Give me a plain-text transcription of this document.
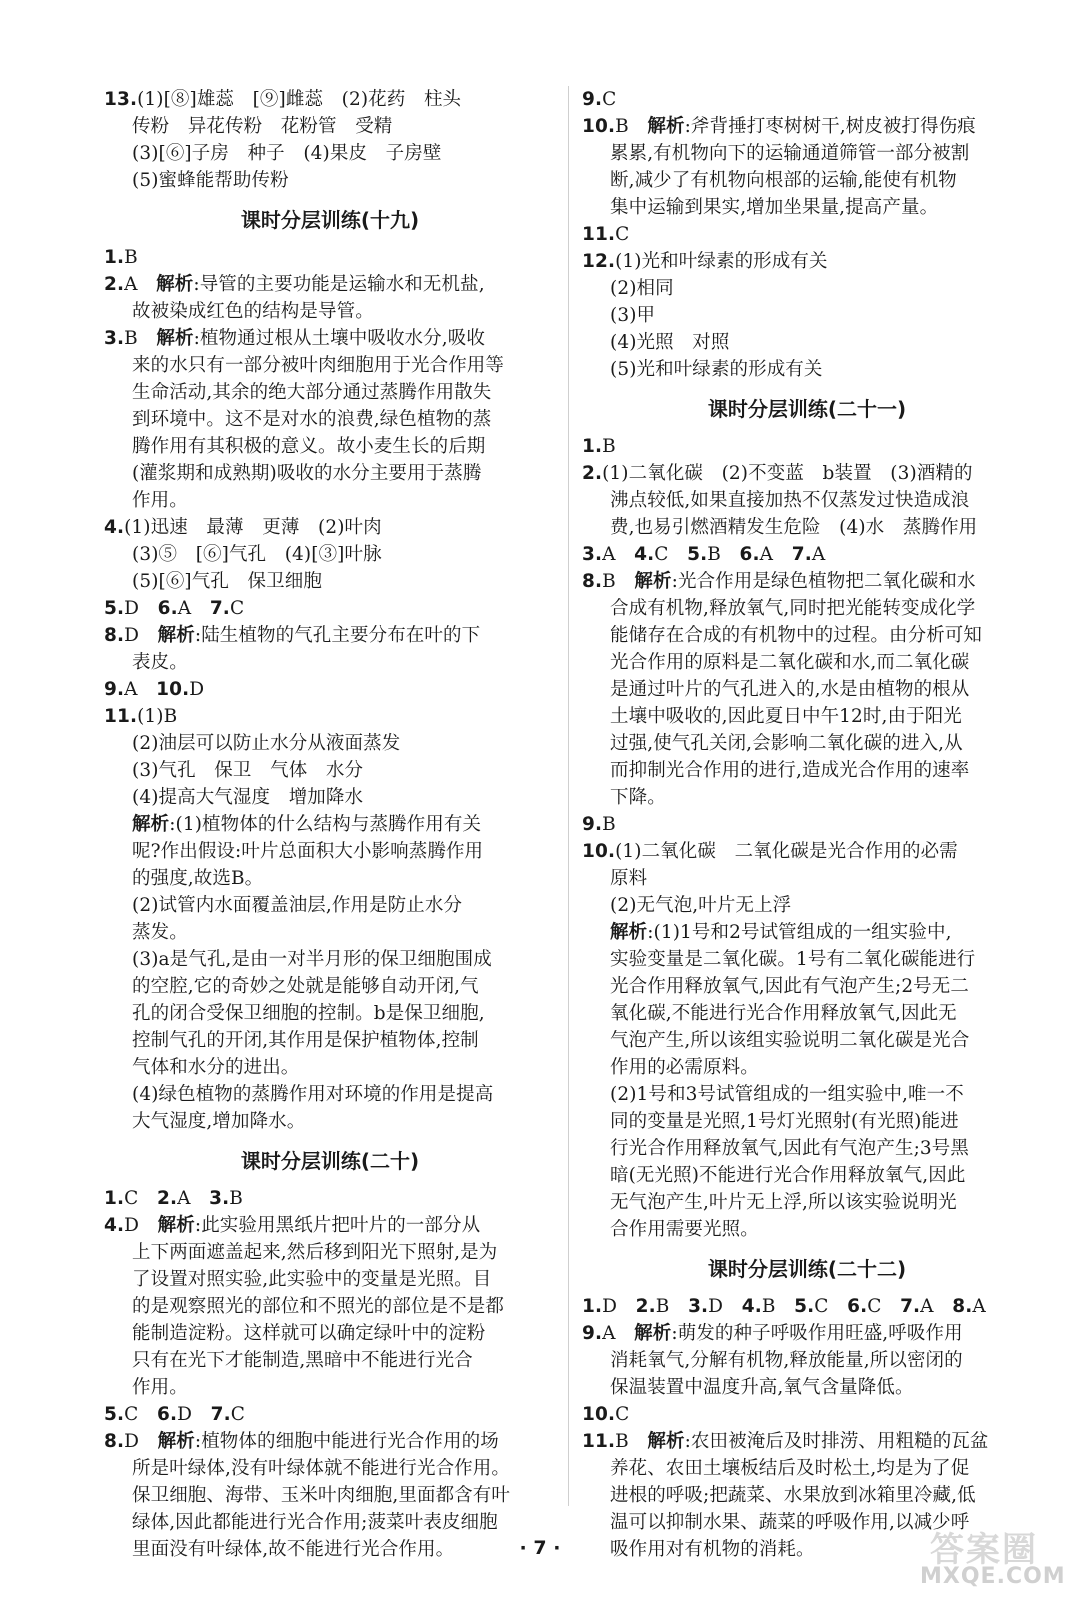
13.(1)[⑧]雄蕊　[⑨]雌蕊　(2)花药　柱头
传粉　异花传粉　花粉管　受精
(3)[⑥]子房　种子　(4)果皮　子房壁
(5)蜜蜂能帮助传粉
课时分层训练(十九)
1.B
2.A　解析:导管的主要功能是运输水和无机盐,
故被染成红色的结构是导管。
3.B　解析:植物通过根从土壤中吸收水分,吸收
来的水只有一部分被叶肉细胞用于光合作用等
生命活动,其余的绝大部分通过蒸腾作用散失
到环境中。这不是对水的浪费,绿色植物的蒸
腾作用有其积极的意义。故小麦生长的后期
(灌浆期和成熟期)吸收的水分主要用于蒸腾
作用。
4.(1)迅速　最薄　更薄　(2)叶肉
(3)⑤　[⑥]气孔　(4)[③]叶脉
(5)[⑥]气孔　保卫细胞
5.D　6.A　7.C
8.D　解析:陆生植物的气孔主要分布在叶的下
表皮。
9.A　10.D
11.(1)B
(2)油层可以防止水分从液面蒸发
(3)气孔　保卫　气体　水分
(4)提高大气湿度　增加降水
解析:(1)植物体的什么结构与蒸腾作用有关
呢?作出假设:叶片总面积大小影响蒸腾作用
的强度,故选B。
(2)试管内水面覆盖油层,作用是防止水分
蒸发。
(3)a是气孔,是由一对半月形的保卫细胞围成
的空腔,它的奇妙之处就是能够自动开闭,气
孔的闭合受保卫细胞的控制。b是保卫细胞,
控制气孔的开闭,其作用是保护植物体,控制
气体和水分的进出。
(4)绿色植物的蒸腾作用对环境的作用是提高
大气湿度,增加降水。
课时分层训练(二十)
1.C　2.A　3.B
4.D　解析:此实验用黑纸片把叶片的一部分从
上下两面遮盖起来,然后移到阳光下照射,是为
了设置对照实验,此实验中的变量是光照。目
的是观察照光的部位和不照光的部位是不是都
能制造淀粉。这样就可以确定绿叶中的淀粉
只有在光下才能制造,黑暗中不能进行光合
作用。
5.C　6.D　7.C
8.D　解析:植物体的细胞中能进行光合作用的场
所是叶绿体,没有叶绿体就不能进行光合作用。
保卫细胞、海带、玉米叶肉细胞,里面都含有叶
绿体,因此都能进行光合作用;菠菜叶表皮细胞
里面没有叶绿体,故不能进行光合作用。
9.C
10.B　解析:斧背捶打枣树树干,树皮被打得伤痕
累累,有机物向下的运输通道筛管一部分被割
断,减少了有机物向根部的运输,能使有机物
集中运输到果实,增加坐果量,提高产量。
11.C
12.(1)光和叶绿素的形成有关
(2)相同
(3)甲
(4)光照　对照
(5)光和叶绿素的形成有关
课时分层训练(二十一)
1.B
2.(1)二氧化碳　(2)不变蓝　b装置　(3)酒精的
沸点较低,如果直接加热不仅蒸发过快造成浪
费,也易引燃酒精发生危险　(4)水　蒸腾作用
3.A　4.C　5.B　6.A　7.A
8.B　解析:光合作用是绿色植物把二氧化碳和水
合成有机物,释放氧气,同时把光能转变成化学
能储存在合成的有机物中的过程。由分析可知
光合作用的原料是二氧化碳和水,而二氧化碳
是通过叶片的气孔进入的,水是由植物的根从
土壤中吸收的,因此夏日中午12时,由于阳光
过强,使气孔关闭,会影响二氧化碳的进入,从
而抑制光合作用的进行,造成光合作用的速率
下降。
9.B
10.(1)二氧化碳　二氧化碳是光合作用的必需
原料
(2)无气泡,叶片无上浮
解析:(1)1号和2号试管组成的一组实验中,
实验变量是二氧化碳。1号有二氧化碳能进行
光合作用释放氧气,因此有气泡产生;2号无二
氧化碳,不能进行光合作用释放氧气,因此无
气泡产生,所以该组实验说明二氧化碳是光合
作用的必需原料。
(2)1号和3号试管组成的一组实验中,唯一不
同的变量是光照,1号灯光照射(有光照)能进
行光合作用释放氧气,因此有气泡产生;3号黑
暗(无光照)不能进行光合作用释放氧气,因此
无气泡产生,叶片无上浮,所以该实验说明光
合作用需要光照。
课时分层训练(二十二)
1.D　2.B　3.D　4.B　5.C　6.C　7.A　8.A
9.A　解析:萌发的种子呼吸作用旺盛,呼吸作用
消耗氧气,分解有机物,释放能量,所以密闭的
保温装置中温度升高,氧气含量降低。
10.C
11.B　解析:农田被淹后及时排涝、用粗糙的瓦盆
养花、农田土壤板结后及时松土,均是为了促
进根的呼吸;把蔬菜、水果放到冰箱里冷藏,低
温可以抑制水果、蔬菜的呼吸作用,以减少呼
吸作用对有机物的消耗。
· 7 ·	答案圈
MXQE.COM
